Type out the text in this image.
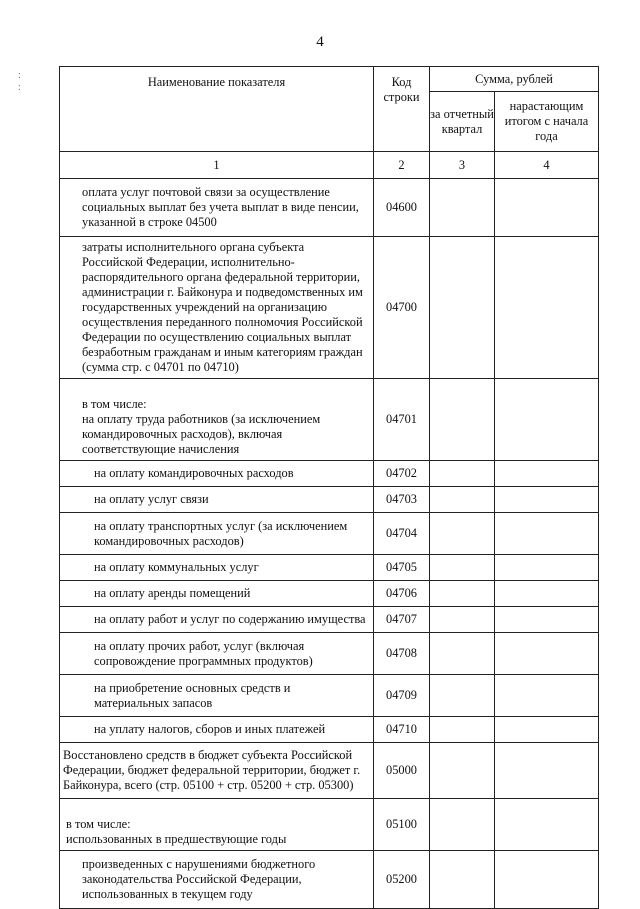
:
:
4
Наименование показателя	Код строки	Сумма, рублей	
		за отчетный квартал	нарастающим итогом с начала года
1	2	3	4
оплата услуг почтовой связи за осуществление социальных выплат без учета выплат в виде пенсии, указанной в строке 04500	04600		
затраты исполнительного органа субъекта Российской Федерации, исполнительно-распорядительного органа федеральной территории, администрации г. Байконура и подведомственных им государственных учреждений на организацию осуществления переданного полномочия Российской Федерации по осуществлению социальных выплат безработным гражданам и иным категориям граждан (сумма стр. с 04701 по 04710)	04700		

в том числе:
на оплату труда работников (за исключением командировочных расходов), включая соответствующие начисления	04701		
на оплату командировочных расходов	04702		
на оплату услуг связи	04703		
на оплату транспортных услуг (за исключением командировочных расходов)	04704		
на оплату коммунальных услуг	04705		
на оплату аренды помещений	04706		
на оплату работ и услуг по содержанию имущества	04707		
на оплату прочих работ, услуг (включая сопровождение программных продуктов)	04708		
на приобретение основных средств и материальных запасов	04709		
на уплату налогов, сборов и иных платежей	04710		
Восстановлено средств в бюджет субъекта Российской Федерации, бюджет федеральной территории, бюджет г. Байконура, всего (стр. 05100 + стр. 05200 + стр. 05300)	05000		

в том числе:
использованных в предшествующие годы	05100		
произведенных с нарушениями бюджетного законодательства Российской Федерации, использованных в текущем году	05200		
